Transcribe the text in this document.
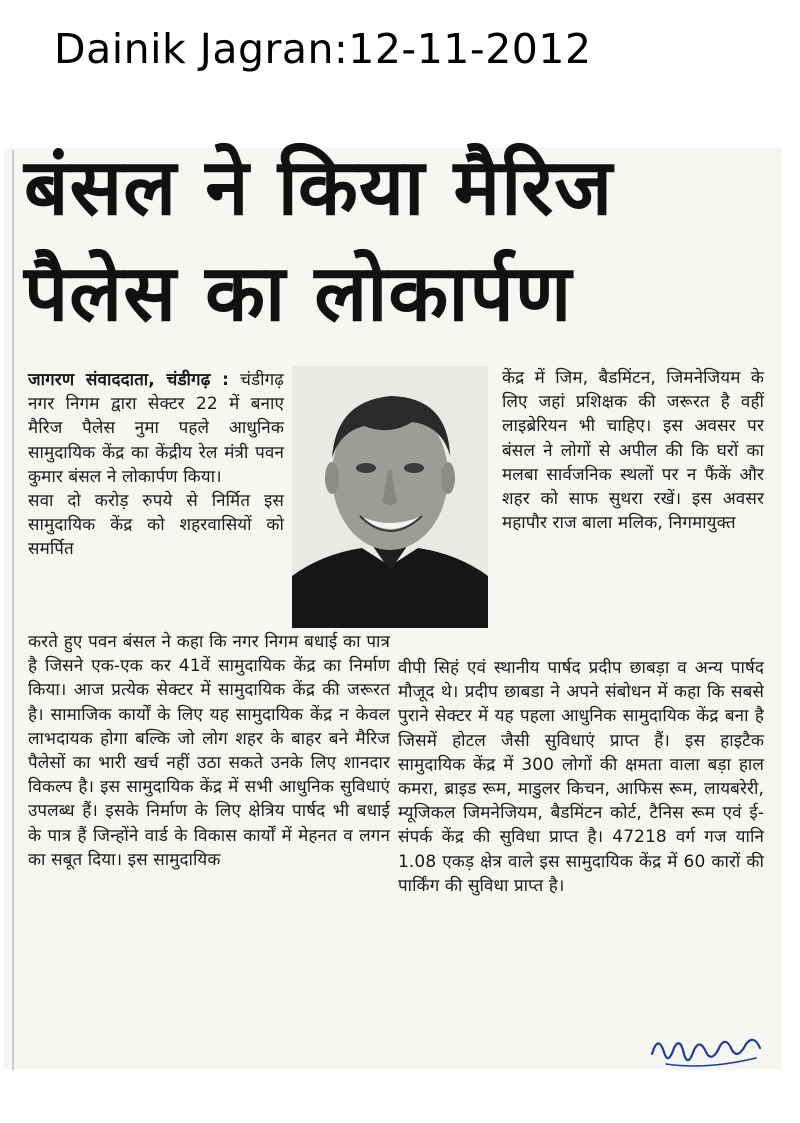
Dainik Jagran:12-11-2012
बंसल ने किया मैरिज
पैलेस का लोकार्पण
जागरण संवाददाता, चंडीगढ़ : चंडीगढ़ नगर निगम द्वारा सेक्टर 22 में बनाए मैरिज पैलेस नुमा पहले आधुनिक सामुदायिक केंद्र का केंद्रीय रेल मंत्री पवन कुमार बंसल ने लोकार्पण किया।
सवा दो करोड़ रुपये से निर्मित इस सामुदायिक केंद्र को शहरवासियों को समर्पित
केंद्र में जिम, बैडमिंटन, जिमनेजियम के लिए जहां प्रशिक्षक की जरूरत है वहीं लाइब्रेरियन भी चाहिए। इस अवसर पर बंसल ने लोगों से अपील की कि घरों का मलबा सार्वजनिक स्थलों पर न फैंकें और शहर को साफ सुथरा रखें। इस अवसर महापौर राज बाला मलिक, निगमायुक्त
करते हुए पवन बंसल ने कहा कि नगर निगम बधाई का पात्र है जिसने एक-एक कर 41वें सामुदायिक केंद्र का निर्माण किया। आज प्रत्येक सेक्टर में सामुदायिक केंद्र की जरूरत है। सामाजिक कार्यों के लिए यह सामुदायिक केंद्र न केवल लाभदायक होगा बल्कि जो लोग शहर के बाहर बने मैरिज पैलेसों का भारी खर्च नहीं उठा सकते उनके लिए शानदार विकल्प है। इस सामुदायिक केंद्र में सभी आधुनिक सुविधाएं उपलब्ध हैं। इसके निर्माण के लिए क्षेत्रिय पार्षद भी बधाई के पात्र हैं जिन्होंने वार्ड के विकास कार्यों में मेहनत व लगन का सबूत दिया। इस सामुदायिक
वीपी सिहं एवं स्थानीय पार्षद प्रदीप छाबड़ा व अन्य पार्षद मौजूद थे। प्रदीप छाबडा ने अपने संबोधन में कहा कि सबसे पुराने सेक्टर में यह पहला आधुनिक सामुदायिक केंद्र बना है जिसमें होटल जैसी सुविधाएं प्राप्त हैं। इस हाइटैक सामुदायिक केंद्र में 300 लोगों की क्षमता वाला बड़ा हाल कमरा, ब्राइड रूम, माडुलर किचन, आफिस रूम, लायबरेरी, म्यूजिकल जिमनेजियम, बैडमिंटन कोर्ट, टैनिस रूम एवं ई-संपर्क केंद्र की सुविधा प्राप्त है। 47218 वर्ग गज यानि 1.08 एकड़ क्षेत्र वाले इस सामुदायिक केंद्र में 60 कारों की पार्किंग की सुविधा प्राप्त है।
